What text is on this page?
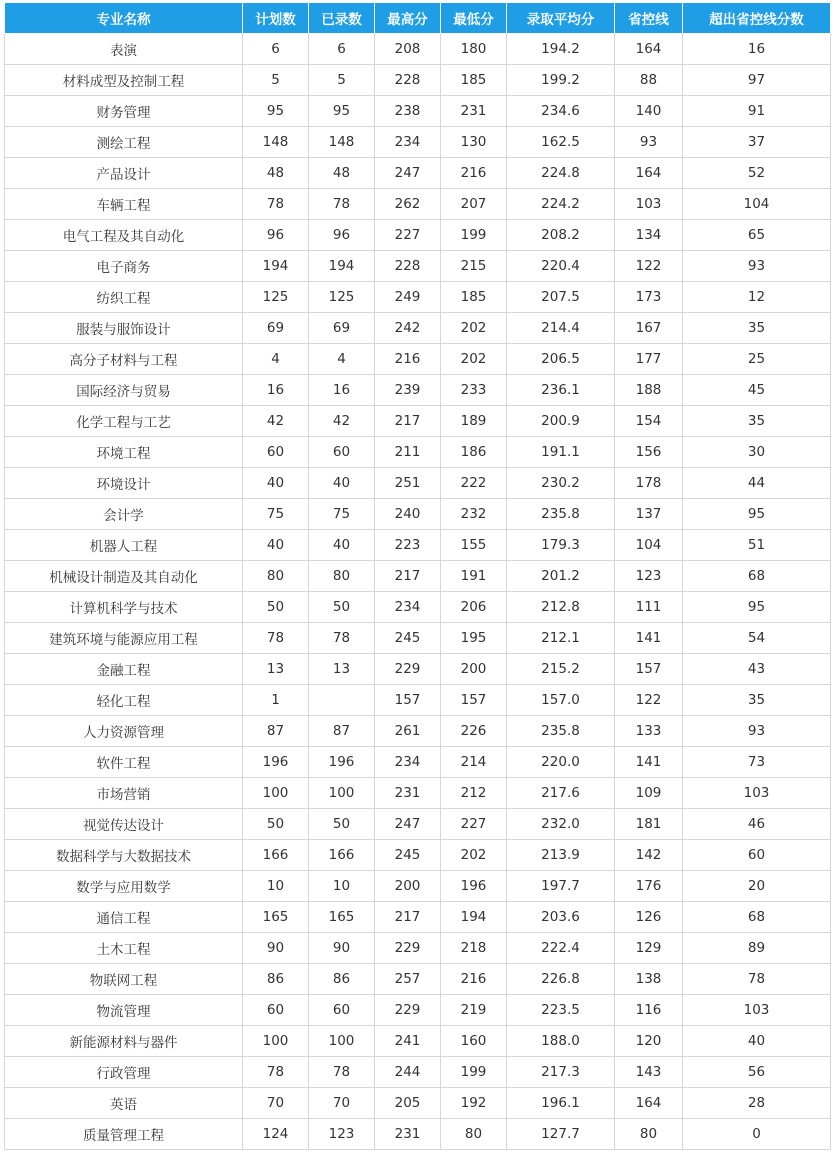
专业名称	计划数	已录数	最高分	最低分	录取平均分	省控线	超出省控线分数
表演	6	6	208	180	194.2	164	16
材料成型及控制工程	5	5	228	185	199.2	88	97
财务管理	95	95	238	231	234.6	140	91
测绘工程	148	148	234	130	162.5	93	37
产品设计	48	48	247	216	224.8	164	52
车辆工程	78	78	262	207	224.2	103	104
电气工程及其自动化	96	96	227	199	208.2	134	65
电子商务	194	194	228	215	220.4	122	93
纺织工程	125	125	249	185	207.5	173	12
服装与服饰设计	69	69	242	202	214.4	167	35
高分子材料与工程	4	4	216	202	206.5	177	25
国际经济与贸易	16	16	239	233	236.1	188	45
化学工程与工艺	42	42	217	189	200.9	154	35
环境工程	60	60	211	186	191.1	156	30
环境设计	40	40	251	222	230.2	178	44
会计学	75	75	240	232	235.8	137	95
机器人工程	40	40	223	155	179.3	104	51
机械设计制造及其自动化	80	80	217	191	201.2	123	68
计算机科学与技术	50	50	234	206	212.8	111	95
建筑环境与能源应用工程	78	78	245	195	212.1	141	54
金融工程	13	13	229	200	215.2	157	43
轻化工程	1		157	157	157.0	122	35
人力资源管理	87	87	261	226	235.8	133	93
软件工程	196	196	234	214	220.0	141	73
市场营销	100	100	231	212	217.6	109	103
视觉传达设计	50	50	247	227	232.0	181	46
数据科学与大数据技术	166	166	245	202	213.9	142	60
数学与应用数学	10	10	200	196	197.7	176	20
通信工程	165	165	217	194	203.6	126	68
土木工程	90	90	229	218	222.4	129	89
物联网工程	86	86	257	216	226.8	138	78
物流管理	60	60	229	219	223.5	116	103
新能源材料与器件	100	100	241	160	188.0	120	40
行政管理	78	78	244	199	217.3	143	56
英语	70	70	205	192	196.1	164	28
质量管理工程	124	123	231	80	127.7	80	0
